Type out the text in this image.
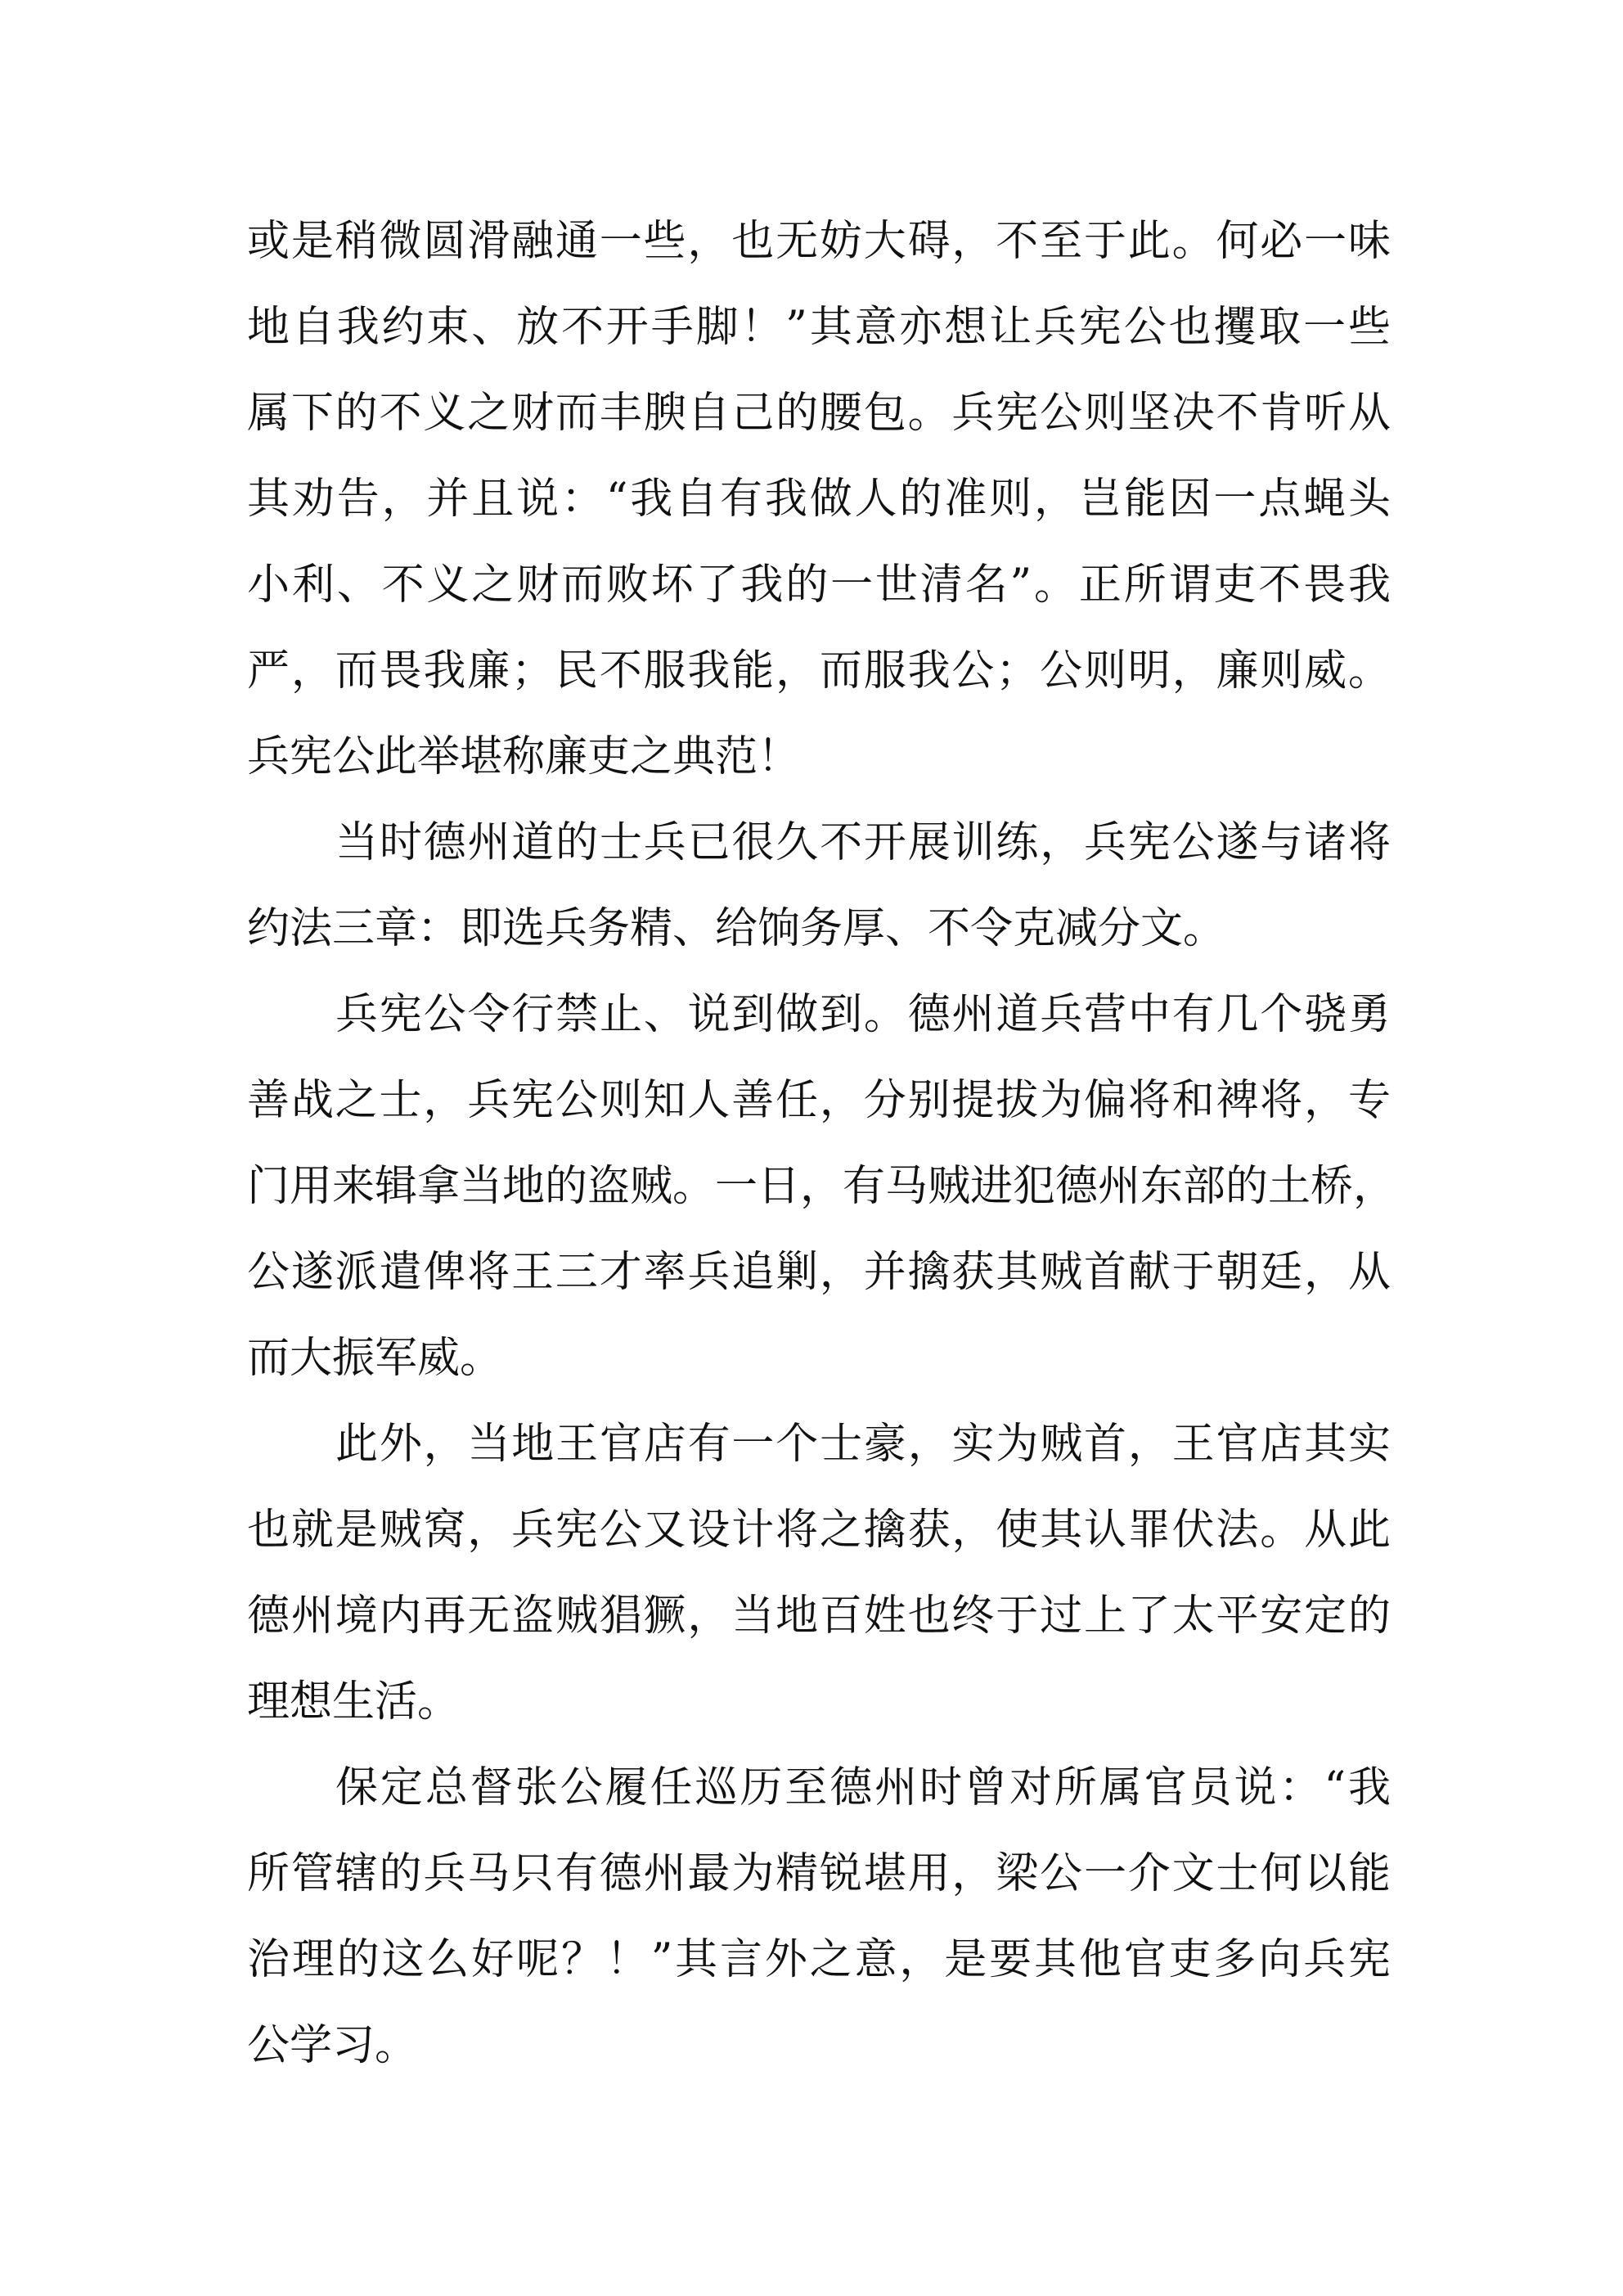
或是稍微圆滑融通一些，也无妨大碍，不至于此。何必一味
地自我约束、放不开手脚！”其意亦想让兵宪公也攫取一些
属下的不义之财而丰腴自己的腰包。兵宪公则坚决不肯听从
其劝告，并且说：“我自有我做人的准则，岂能因一点蝇头
小利、不义之财而败坏了我的一世清名”。正所谓吏不畏我
严，而畏我廉；民不服我能，而服我公；公则明，廉则威。
兵宪公此举堪称廉吏之典范！
当时德州道的士兵已很久不开展训练，兵宪公遂与诸将
约法三章：即选兵务精、给饷务厚、不令克减分文。
兵宪公令行禁止、说到做到。德州道兵营中有几个骁勇
善战之士，兵宪公则知人善任，分别提拔为偏将和裨将，专
门用来辑拿当地的盗贼。一日，有马贼进犯德州东部的土桥，
公遂派遣俾将王三才率兵追剿，并擒获其贼首献于朝廷，从
而大振军威。
此外，当地王官店有一个士豪，实为贼首，王官店其实
也就是贼窝，兵宪公又设计将之擒获，使其认罪伏法。从此
德州境内再无盗贼猖獗，当地百姓也终于过上了太平安定的
理想生活。
保定总督张公履任巡历至德州时曾对所属官员说：“我
所管辖的兵马只有德州最为精锐堪用，梁公一介文士何以能
治理的这么好呢？！”其言外之意，是要其他官吏多向兵宪
公学习。
